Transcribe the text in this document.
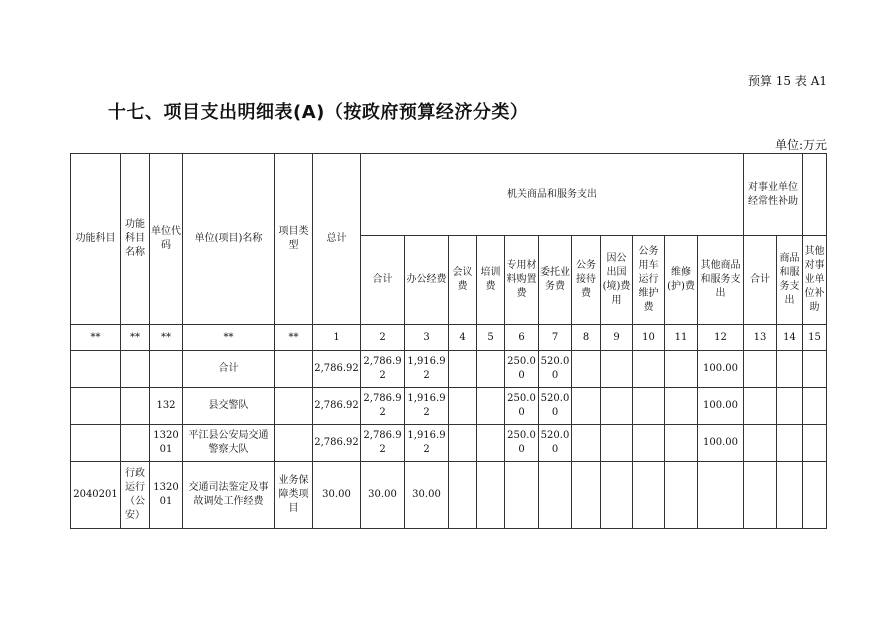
预算 15 表 A1
十七、项目支出明细表(A)（按政府预算经济分类）
单位:万元
功能科目	功能科目名称	单位代码	单位(项目)名称	项目类型	总计	机关商品和服务支出											对事业单位经常性补助		
						合计	办公经费	会议费	培训费	专用材料购置费	委托业务费	公务接待费	因公出国(境)费用	公务用车运行维护费	维修(护)费	其他商品和服务支出	合计	商品和服务支出	其他对事业单位补助
**	**	**	**	**	1	2	3	4	5	6	7	8	9	10	11	12	13	14	15
			合计		2,786.92	2,786.92	1,916.92			250.00	520.00					100.00			
		132	县交警队		2,786.92	2,786.92	1,916.92			250.00	520.00					100.00			
		132001	平江县公安局交通警察大队		2,786.92	2,786.92	1,916.92			250.00	520.00					100.00			
2040201	行政运行（公安）	132001	交通司法鉴定及事故调处工作经费	业务保障类项目	30.00	30.00	30.00												
